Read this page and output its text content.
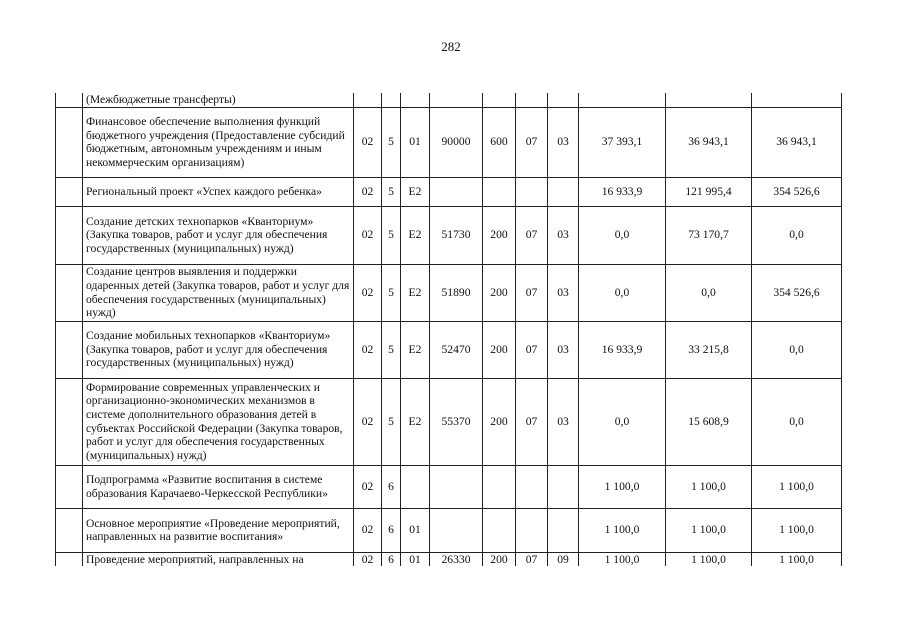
282
	(Межбюджетные трансферты)										
	Финансовое обеспечение выполнения функций бюджетного учреждения (Предоставление субсидий бюджетным, автономным учреждениям и иным некоммерческим организациям)	02	5	01	90000	600	07	03	37 393,1	36 943,1	36 943,1
	Региональный проект «Успех каждого ребенка»	02	5	E2					16 933,9	121 995,4	354 526,6
	Создание детских технопарков «Кванториум» (Закупка товаров, работ и услуг для обеспечения государственных (муниципальных) нужд)	02	5	E2	51730	200	07	03	0,0	73 170,7	0,0
	Создание центров выявления и поддержки одаренных детей (Закупка товаров, работ и услуг для обеспечения государственных (муниципальных) нужд)	02	5	E2	51890	200	07	03	0,0	0,0	354 526,6
	Создание мобильных технопарков «Кванториум» (Закупка товаров, работ и услуг для обеспечения государственных (муниципальных) нужд)	02	5	E2	52470	200	07	03	16 933,9	33 215,8	0,0
	Формирование современных управленческих и организационно-экономических механизмов в системе дополнительного образования детей в субъектах Российской Федерации (Закупка товаров, работ и услуг для обеспечения государственных (муниципальных) нужд)	02	5	E2	55370	200	07	03	0,0	15 608,9	0,0
	Подпрограмма «Развитие воспитания в системе образования Карачаево-Черкесской Республики»	02	6						1 100,0	1 100,0	1 100,0
	Основное мероприятие «Проведение мероприятий, направленных на развитие воспитания»	02	6	01					1 100,0	1 100,0	1 100,0
	Проведение мероприятий, направленных на	02	6	01	26330	200	07	09	1 100,0	1 100,0	1 100,0
